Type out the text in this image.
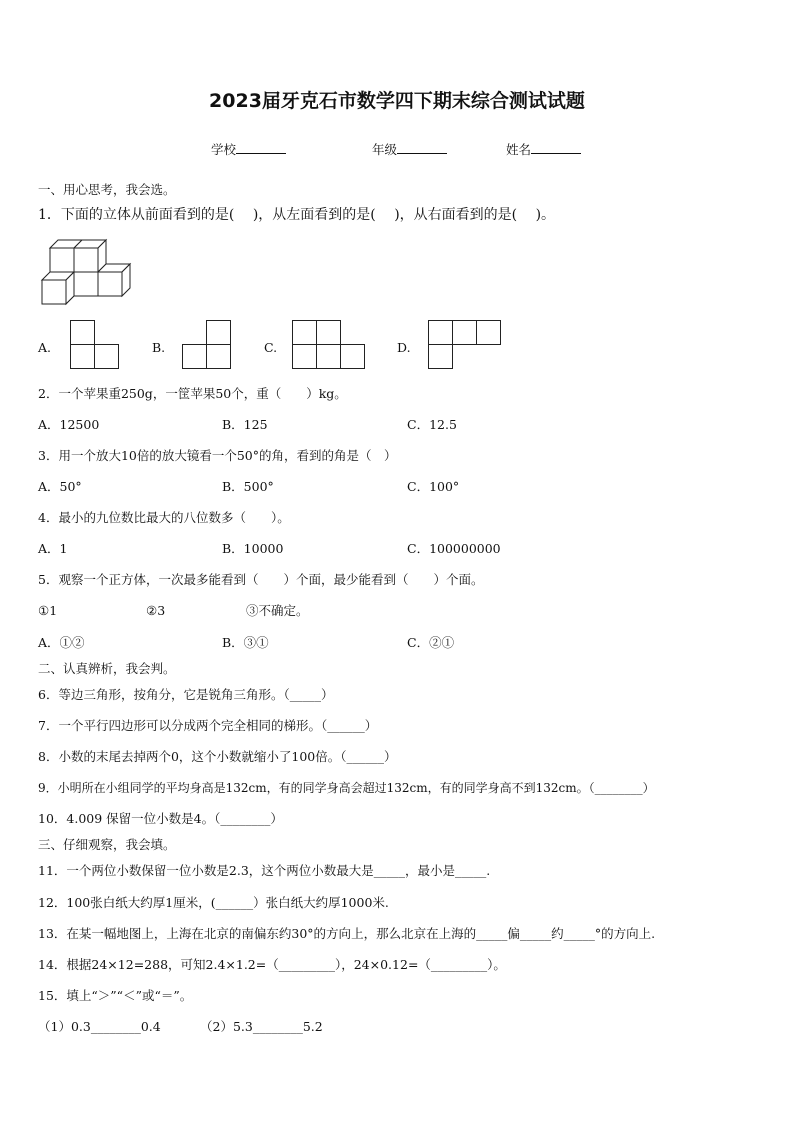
2023届牙克石市数学四下期末综合测试试题
学校	年级	姓名
一、用心思考，我会选。
1．下面的立体从前面看到的是(　 )，从左面看到的是(　 )，从右面看到的是(　 )。
A.	B.	C.	D.
2．一个苹果重250g，一筐苹果50个，重（　　）kg。
A．12500	B．125	C．12.5
3．用一个放大10倍的放大镜看一个50°的角，看到的角是（　）
A．50°	B．500°	C．100°
4．最小的九位数比最大的八位数多（　　）。
A．1	B．10000	C．100000000
5．观察一个正方体，一次最多能看到（　　）个面，最少能看到（　　）个面。
①1	②3	③不确定。
A．①②	B．③①	C．②①
二、认真辨析，我会判。
6．等边三角形，按角分，它是锐角三角形。（_____）
7．一个平行四边形可以分成两个完全相同的梯形。（______）
8．小数的末尾去掉两个0，这个小数就缩小了100倍。（______）
9．小明所在小组同学的平均身高是132cm，有的同学身高会超过132cm，有的同学身高不到132cm。（________）
10．4.009 保留一位小数是4。（________）
三、仔细观察，我会填。
11．一个两位小数保留一位小数是2.3，这个两位小数最大是_____，最小是_____.
12．100张白纸大约厚1厘米，(______）张白纸大约厚1000米.
13．在某一幅地图上，上海在北京的南偏东约30°的方向上，那么北京在上海的_____偏_____约_____°的方向上.
14．根据24×12=288，可知2.4×1.2=（_________），24×0.12=（_________）。
15．填上“＞”“＜”或“＝”。
（1）0.3________0.4	（2）5.3________5.2
